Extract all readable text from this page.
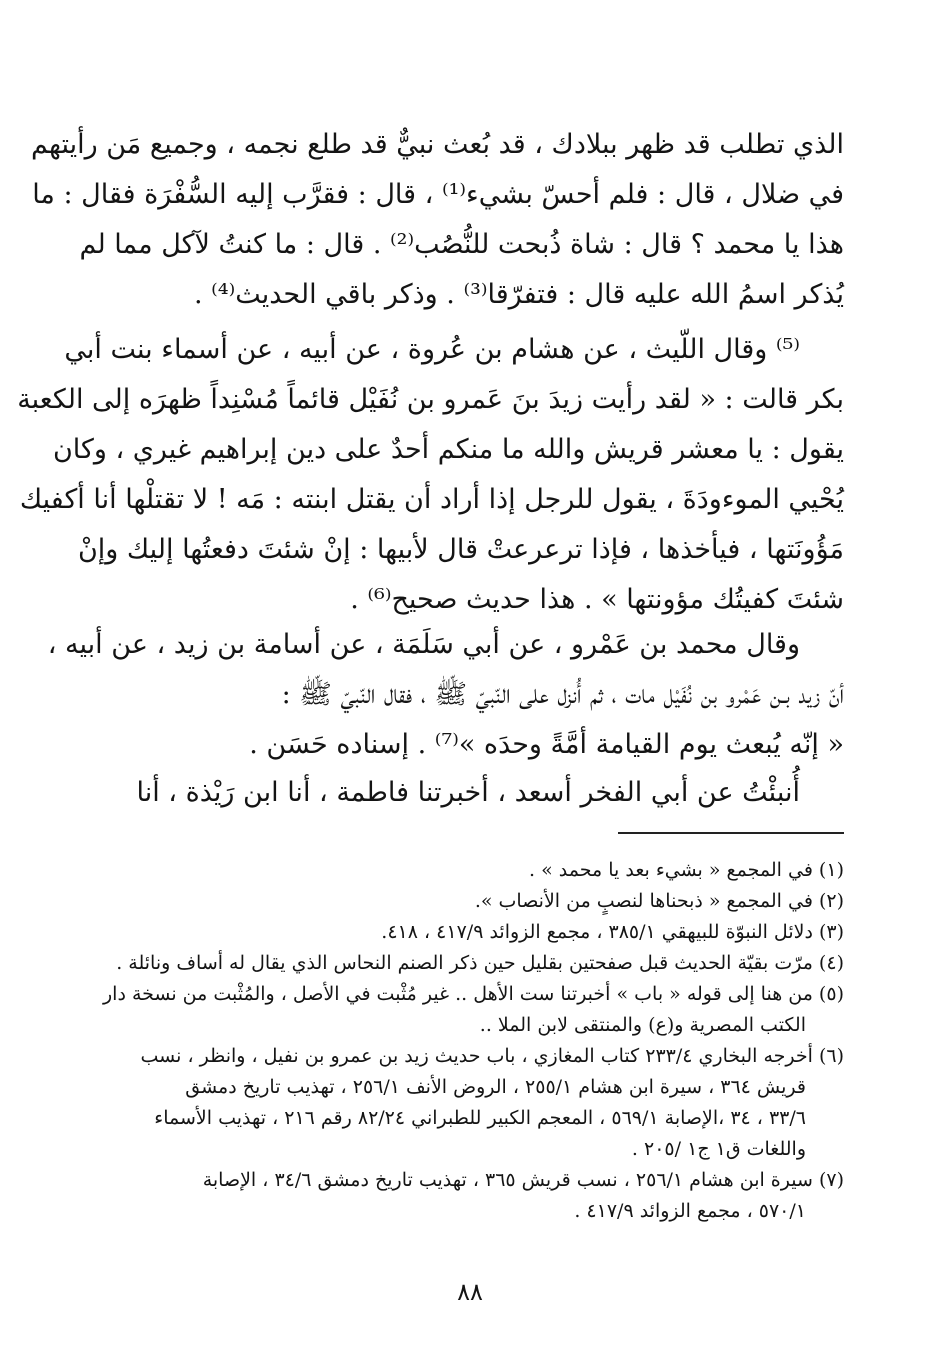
الذي تطلب قد ظهر ببلادك ، قد بُعث نبيٌّ قد طلع نجمه ، وجميع مَن رأيتهم
في ضلال ، قال : فلم أحسّ بشيء⁽¹⁾ ، قال : فقرَّب إليه السُّفْرَة فقال : ما
هذا يا محمد ؟ قال : شاة ذُبحت للنُّصُب⁽²⁾ . قال : ما كنتُ لآكل مما لم
يُذكر اسمُ الله عليه قال : فتفرّقا⁽³⁾ . وذكر باقي الحديث⁽⁴⁾ .
⁽⁵⁾ وقال اللّيث ، عن هشام بن عُروة ، عن أبيه ، عن أسماء بنت أبي
بكر قالت : « لقد رأيت زيدَ بنَ عَمرو بن نُفَيْل قائماً مُسْنِداً ظهرَه إلى الكعبة
يقول : يا معشر قريش والله ما منكم أحدٌ على دين إبراهيم غيري ، وكان
يُحْيي الموءودَةَ ، يقول للرجل إذا أراد أن يقتل ابنته : مَه ! لا تقتلْها أنا أكفيك
مَؤُونَتها ، فيأخذها ، فإذا ترعرعتْ قال لأبيها : إنْ شئتَ دفعتُها إليك وإنْ
شئتَ كفيتُك مؤونتها » . هذا حديث صحيح⁽⁶⁾ .
وقال محمد بن عَمْرو ، عن أبي سَلَمَة ، عن أسامة بن زيد ، عن أبيه ،
أنّ زيد بـن عَمْرو بن نُفَيْل مات ، ثم أُنزل على النّبيّ ﷺ ، فقال النّبيّ ﷺ :
« إنّه يُبعث يوم القيامة أمَّةً وحدَه »⁽⁷⁾ . إسناده حَسَن .
أُنبئْتُ عن أبي الفخر أسعد ، أخبرتنا فاطمة ، أنا ابن رَيْذة ، أنا
(١) في المجمع « بشيء بعد يا محمد » .
(٢) في المجمع « ذبحناها لنصبٍ من الأنصاب ».
(٣) دلائل النبوّة للبيهقي ٣٨٥/١ ، مجمع الزوائد ٤١٧/٩ ، ٤١٨.
(٤) مرّت بقيّة الحديث قبل صفحتين بقليل حين ذكر الصنم النحاس الذي يقال له أساف ونائلة .
(٥) من هنا إلى قوله « باب » أخبرتنا ست الأهل .. غير مُثْبت في الأصل ، والمُثْبت من نسخة دار
الكتب المصرية و(ع) والمنتقى لابن الملا ..
(٦) أخرجه البخاري ٢٣٣/٤ كتاب المغازي ، باب حديث زيد بن عمرو بن نفيل ، وانظر ، نسب
قريش ٣٦٤ ، سيرة ابن هشام ٢٥٥/١ ، الروض الأنف ٢٥٦/١ ، تهذيب تاريخ دمشق
٣٣/٦ ، ٣٤ ،الإصابة ٥٦٩/١ ، المعجم الكبير للطبراني ٨٢/٢٤ رقم ٢١٦ ، تهذيب الأسماء
واللغات ق١ ج١ /٢٠٥ .
(٧) سيرة ابن هشام ٢٥٦/١ ، نسب قريش ٣٦٥ ، تهذيب تاريخ دمشق ٣٤/٦ ، الإصابة
٥٧٠/١ ، مجمع الزوائد ٤١٧/٩ .
٨٨
